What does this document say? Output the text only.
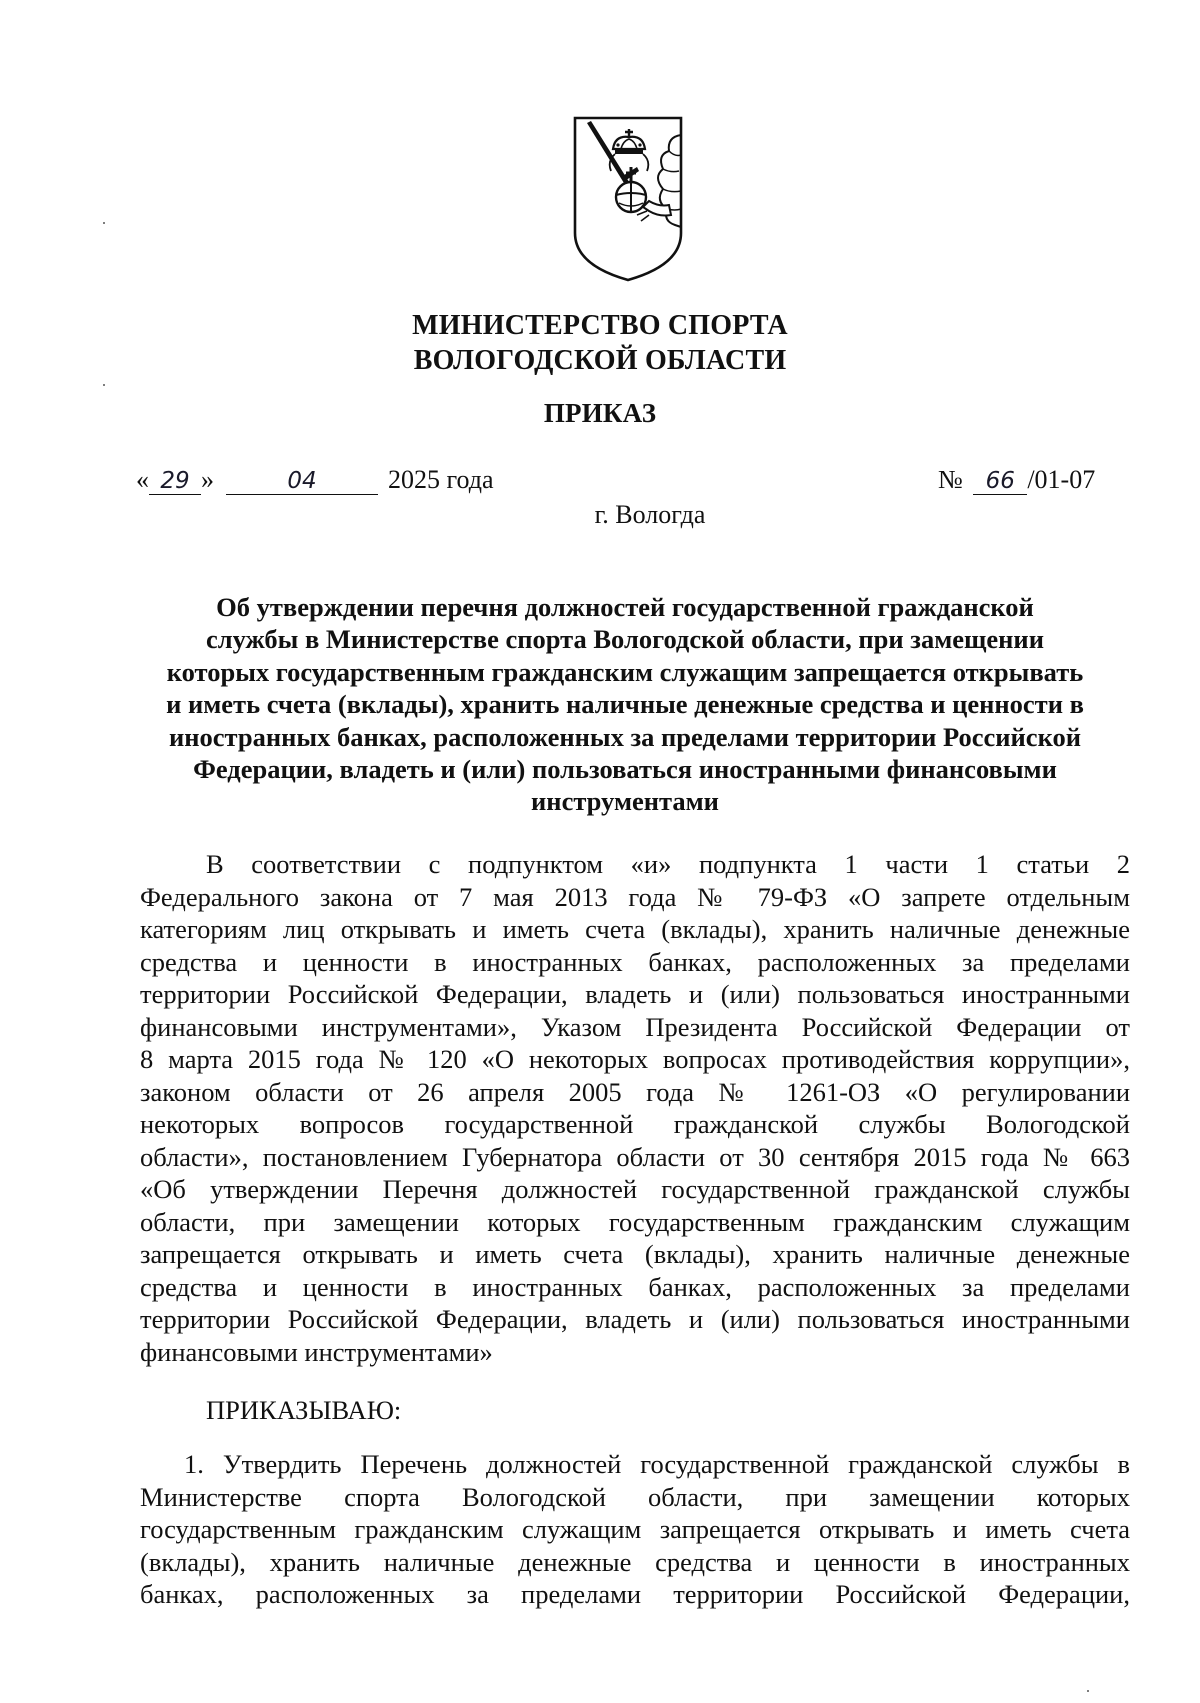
МИНИСТЕРСТВО СПОРТА
ВОЛОГОДСКОЙ ОБЛАСТИ
ПРИКАЗ
« 29 »	04	2025 года	№ 66 /01-07
г. Вологда
Об утверждении перечня должностей государственной гражданской
службы в Министерстве спорта Вологодской области, при замещении
которых государственным гражданским служащим запрещается открывать
и иметь счета (вклады), хранить наличные денежные средства и ценности в
иностранных банках, расположенных за пределами территории Российской
Федерации, владеть и (или) пользоваться иностранными финансовыми
инструментами
В соответствии с подпунктом «и» подпункта 1 части 1 статьи 2
Федерального закона от 7 мая 2013 года № 79-ФЗ «О запрете отдельным
категориям лиц открывать и иметь счета (вклады), хранить наличные денежные
средства и ценности в иностранных банках, расположенных за пределами
территории Российской Федерации, владеть и (или) пользоваться иностранными
финансовыми инструментами», Указом Президента Российской Федерации от
8 марта 2015 года № 120 «О некоторых вопросах противодействия коррупции»,
законом области от 26 апреля 2005 года № 1261-ОЗ «О регулировании
некоторых вопросов государственной гражданской службы Вологодской
области», постановлением Губернатора области от 30 сентября 2015 года № 663
«Об утверждении Перечня должностей государственной гражданской службы
области, при замещении которых государственным гражданским служащим
запрещается открывать и иметь счета (вклады), хранить наличные денежные
средства и ценности в иностранных банках, расположенных за пределами
территории Российской Федерации, владеть и (или) пользоваться иностранными
финансовыми инструментами»
ПРИКАЗЫВАЮ:
1. Утвердить Перечень должностей государственной гражданской службы в
Министерстве спорта Вологодской области, при замещении которых
государственным гражданским служащим запрещается открывать и иметь счета
(вклады), хранить наличные денежные средства и ценности в иностранных
банках, расположенных за пределами территории Российской Федерации,
